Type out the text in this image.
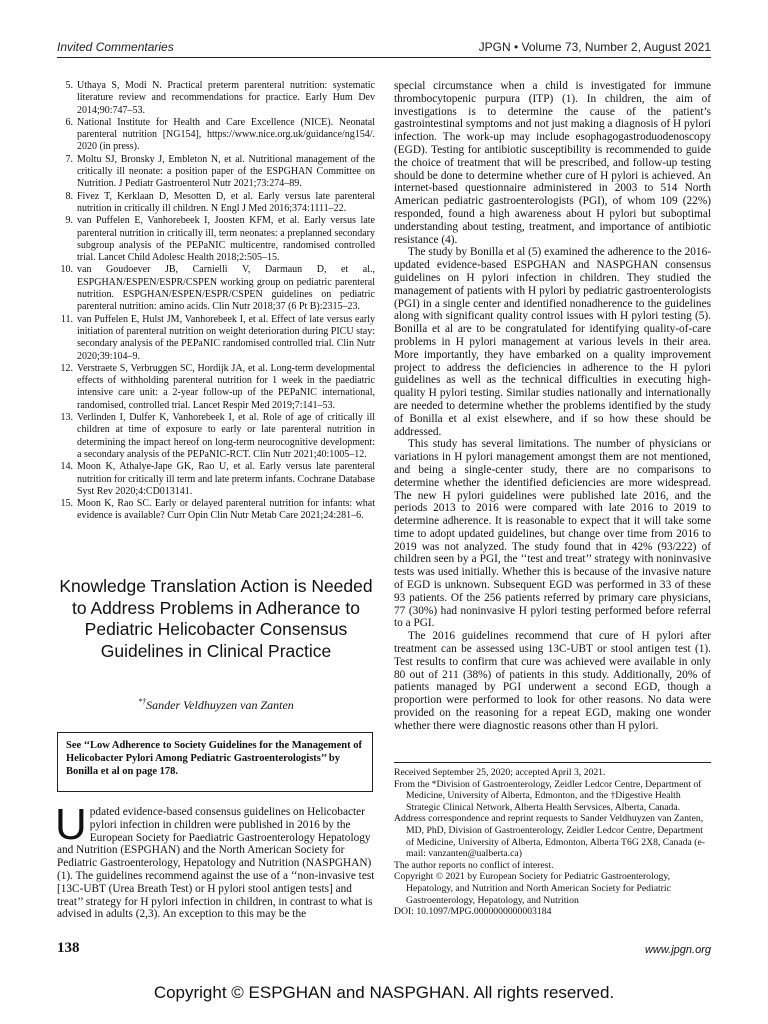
Invited Commentaries	JPGN • Volume 73, Number 2, August 2021
5. Uthaya S, Modi N. Practical preterm parenteral nutrition: systematic literature review and recommendations for practice. Early Hum Dev 2014;90:747–53.
6. National Institute for Health and Care Excellence (NICE). Neonatal parenteral nutrition [NG154], https://www.nice.org.uk/guidance/ng154/. 2020 (in press).
7. Moltu SJ, Bronsky J, Embleton N, et al. Nutritional management of the critically ill neonate: a position paper of the ESPGHAN Committee on Nutrition. J Pediatr Gastroenterol Nutr 2021;73:274–89.
8. Fivez T, Kerklaan D, Mesotten D, et al. Early versus late parenteral nutrition in critically ill children. N Engl J Med 2016;374:1111–22.
9. van Puffelen E, Vanhorebeek I, Joosten KFM, et al. Early versus late parenteral nutrition in critically ill, term neonates: a preplanned secondary subgroup analysis of the PEPaNIC multicentre, randomised controlled trial. Lancet Child Adolesc Health 2018;2:505–15.
10. van Goudoever JB, Carnielli V, Darmaun D, et al., ESPGHAN/ESPEN/ESPR/CSPEN working group on pediatric parenteral nutrition. ESPGHAN/ESPEN/ESPR/CSPEN guidelines on pediatric parenteral nutrition: amino acids. Clin Nutr 2018;37 (6 Pt B):2315–23.
11. van Puffelen E, Hulst JM, Vanhorebeek I, et al. Effect of late versus early initiation of parenteral nutrition on weight deterioration during PICU stay: secondary analysis of the PEPaNIC randomised controlled trial. Clin Nutr 2020;39:104–9.
12. Verstraete S, Verbruggen SC, Hordijk JA, et al. Long-term developmental effects of withholding parenteral nutrition for 1 week in the paediatric intensive care unit: a 2-year follow-up of the PEPaNIC international, randomised, controlled trial. Lancet Respir Med 2019;7:141–53.
13. Verlinden I, Dulfer K, Vanhorebeek I, et al. Role of age of critically ill children at time of exposure to early or late parenteral nutrition in determining the impact hereof on long-term neurocognitive development: a secondary analysis of the PEPaNIC-RCT. Clin Nutr 2021;40:1005–12.
14. Moon K, Athalye-Jape GK, Rao U, et al. Early versus late parenteral nutrition for critically ill term and late preterm infants. Cochrane Database Syst Rev 2020;4:CD013141.
15. Moon K, Rao SC. Early or delayed parenteral nutrition for infants: what evidence is available? Curr Opin Clin Nutr Metab Care 2021;24:281–6.
Knowledge Translation Action is Needed to Address Problems in Adherance to Pediatric Helicobacter Consensus Guidelines in Clinical Practice
*†Sander Veldhuyzen van Zanten
See ‘‘Low Adherence to Society Guidelines for the Management of Helicobacter Pylori Among Pediatric Gastroenterologists’’ by Bonilla et al on page 178.
Updated evidence-based consensus guidelines on Helicobacter pylori infection in children were published in 2016 by the European Society for Paediatric Gastroenterology Hepatology and Nutrition (ESPGHAN) and the North American Society for Pediatric Gastroenterology, Hepatology and Nutrition (NASPGHAN) (1). The guidelines recommend against the use of a ‘‘non-invasive test [13C-UBT (Urea Breath Test) or H pylori stool antigen tests] and treat’’ strategy for H pylori infection in children, in contrast to what is advised in adults (2,3). An exception to this may be the

special circumstance when a child is investigated for immune thrombocytopenic purpura (ITP) (1). In children, the aim of investigations is to determine the cause of the patient’s gastrointestinal symptoms and not just making a diagnosis of H pylori infection. The work-up may include esophagogastroduodenoscopy (EGD). Testing for antibiotic susceptibility is recommended to guide the choice of treatment that will be prescribed, and follow-up testing should be done to determine whether cure of H pylori is achieved. An internet-based questionnaire administered in 2003 to 514 North American pediatric gastroenterologists (PGI), of whom 109 (22%) responded, found a high awareness about H pylori but suboptimal understanding about testing, treatment, and importance of antibiotic resistance (4).

The study by Bonilla et al (5) examined the adherence to the 2016-updated evidence-based ESPGHAN and NASPGHAN consensus guidelines on H pylori infection in children. They studied the management of patients with H pylori by pediatric gastroenterologists (PGI) in a single center and identified nonadherence to the guidelines along with significant quality control issues with H pylori testing (5). Bonilla et al are to be congratulated for identifying quality-of-care problems in H pylori management at various levels in their area. More importantly, they have embarked on a quality improvement project to address the deficiencies in adherence to the H pylori guidelines as well as the technical difficulties in executing high-quality H pylori testing. Similar studies nationally and internationally are needed to determine whether the problems identified by the study of Bonilla et al exist elsewhere, and if so how these should be addressed.

This study has several limitations. The number of physicians or variations in H pylori management amongst them are not mentioned, and being a single-center study, there are no comparisons to determine whether the identified deficiencies are more widespread. The new H pylori guidelines were published late 2016, and the periods 2013 to 2016 were compared with late 2016 to 2019 to determine adherence. It is reasonable to expect that it will take some time to adopt updated guidelines, but change over time from 2016 to 2019 was not analyzed. The study found that in 42% (93/222) of children seen by a PGI, the ‘‘test and treat’’ strategy with noninvasive tests was used initially. Whether this is because of the invasive nature of EGD is unknown. Subsequent EGD was performed in 33 of these 93 patients. Of the 256 patients referred by primary care physicians, 77 (30%) had noninvasive H pylori testing performed before referral to a PGI.

The 2016 guidelines recommend that cure of H pylori after treatment can be assessed using 13C-UBT or stool antigen test (1). Test results to confirm that cure was achieved were available in only 80 out of 211 (38%) of patients in this study. Additionally, 20% of patients managed by PGI underwent a second EGD, though a proportion were performed to look for other reasons. No data were provided on the reasoning for a repeat EGD, making one wonder whether there were diagnostic reasons other than H pylori.

Received September 25, 2020; accepted April 3, 2021.
From the *Division of Gastroenterology, Zeidler Ledcor Centre, Department of Medicine, University of Alberta, Edmonton, and the †Digestive Health Strategic Clinical Network, Alberta Health Servsices, Alberta, Canada.
Address correspondence and reprint requests to Sander Veldhuyzen van Zanten, MD, PhD, Division of Gastroenterology, Zeidler Ledcor Centre, Department of Medicine, University of Alberta, Edmonton, Alberta T6G 2X8, Canada (e-mail: vanzanten@ualberta.ca)
The author reports no conflict of interest.
Copyright © 2021 by European Society for Pediatric Gastroenterology, Hepatology, and Nutrition and North American Society for Pediatric Gastroenterology, Hepatology, and Nutrition
DOI: 10.1097/MPG.0000000000003184
138	www.jpgn.org
Copyright © ESPGHAN and NASPGHAN. All rights reserved.
